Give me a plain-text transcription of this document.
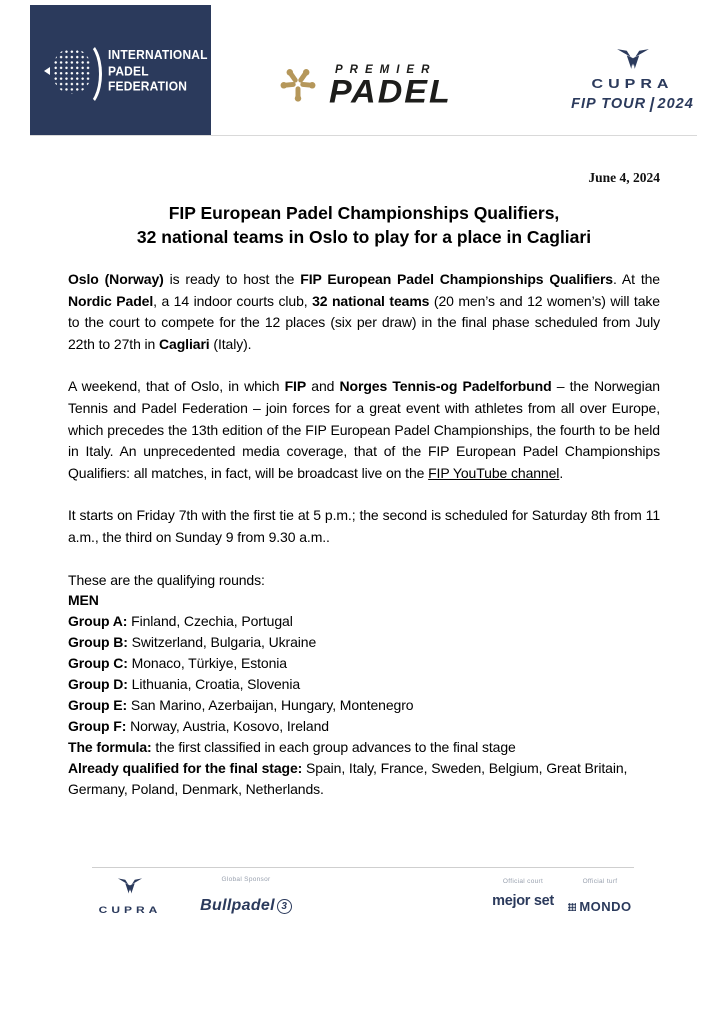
INTERNATIONAL
PADEL
FEDERATION
PREMIER
PADEL	CUPRA
FIP TOUR 2024
June 4, 2024
FIP European Padel Championships Qualifiers,
32 national teams in Oslo to play for a place in Cagliari

Oslo (Norway) is ready to host the FIP European Padel Championships Qualifiers. At the Nordic Padel, a 14 indoor courts club, 32 national teams (20 men’s and 12 women’s) will take to the court to compete for the 12 places (six per draw) in the final phase scheduled from July 22th to 27th in Cagliari (Italy).

A weekend, that of Oslo, in which FIP and Norges Tennis-og Padelforbund – the Norwegian Tennis and Padel Federation – join forces for a great event with athletes from all over Europe, which precedes the 13th edition of the FIP European Padel Championships, the fourth to be held in Italy. An unprecedented media coverage, that of the FIP European Padel Championships Qualifiers: all matches, in fact, will be broadcast live on the FIP YouTube channel.

It starts on Friday 7th with the first tie at 5 p.m.; the second is scheduled for Saturday 8th from 11 a.m., the third on Sunday 9 from 9.30 a.m..

These are the qualifying rounds:
MEN
Group A: Finland, Czechia, Portugal
Group B: Switzerland, Bulgaria, Ukraine
Group C: Monaco, Türkiye, Estonia
Group D: Lithuania, Croatia, Slovenia
Group E: San Marino, Azerbaijan, Hungary, Montenegro
Group F: Norway, Austria, Kosovo, Ireland
The formula: the first classified in each group advances to the final stage
Already qualified for the final stage: Spain, Italy, France, Sweden, Belgium, Great Britain, Germany, Poland, Denmark, Netherlands.
CUPRA
Global Sponsor
Bullpadel 3
Official court
mejor set
Official turf
MONDO
